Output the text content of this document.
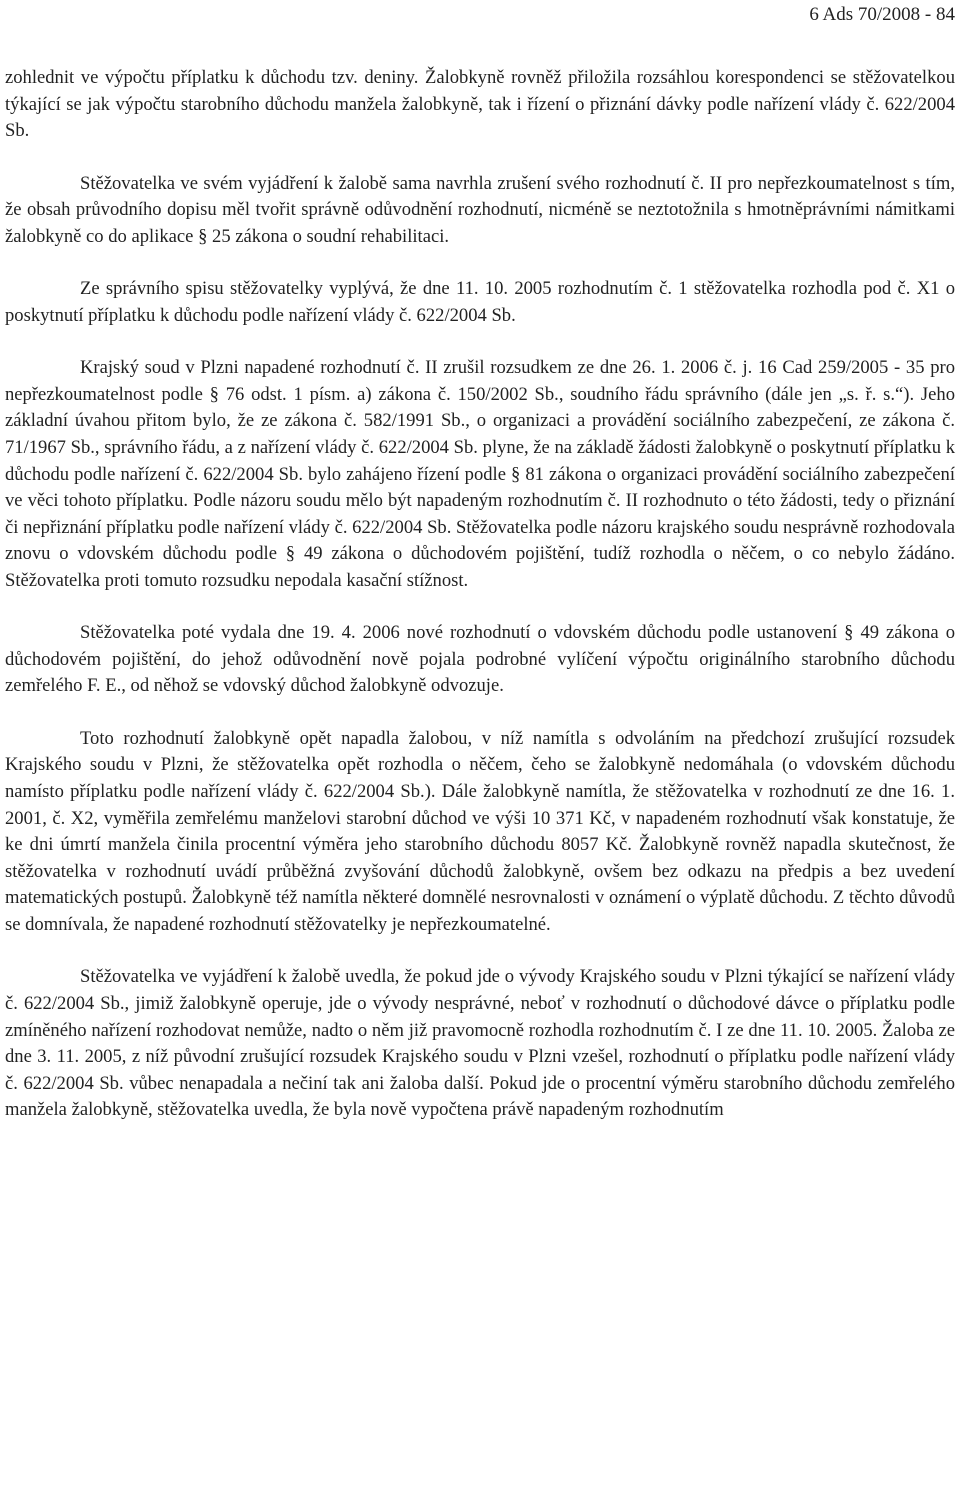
6 Ads 70/2008 - 84

zohlednit ve výpočtu příplatku k důchodu tzv. deniny. Žalobkyně rovněž přiložila rozsáhlou korespondenci se stěžovatelkou týkající se jak výpočtu starobního důchodu manžela žalobkyně, tak i řízení o přiznání dávky podle nařízení vlády č. 622/2004 Sb.

Stěžovatelka ve svém vyjádření k žalobě sama navrhla zrušení svého rozhodnutí č. II pro nepřezkoumatelnost s tím, že obsah průvodního dopisu měl tvořit správně odůvodnění rozhodnutí, nicméně se neztotožnila s hmotněprávními námitkami žalobkyně co do aplikace § 25 zákona o soudní rehabilitaci.

Ze správního spisu stěžovatelky vyplývá, že dne 11. 10. 2005 rozhodnutím č. 1 stěžovatelka rozhodla pod č. X1 o poskytnutí příplatku k důchodu podle nařízení vlády č. 622/2004 Sb.

Krajský soud v Plzni napadené rozhodnutí č. II zrušil rozsudkem ze dne 26. 1. 2006 č. j. 16 Cad 259/2005 - 35 pro nepřezkoumatelnost podle § 76 odst. 1 písm. a) zákona č. 150/2002 Sb., soudního řádu správního (dále jen „s. ř. s.“). Jeho základní úvahou přitom bylo, že ze zákona č. 582/1991 Sb., o organizaci a provádění sociálního zabezpečení, ze zákona č. 71/1967 Sb., správního řádu, a z nařízení vlády č. 622/2004 Sb. plyne, že na základě žádosti žalobkyně o poskytnutí příplatku k důchodu podle nařízení č. 622/2004 Sb. bylo zahájeno řízení podle § 81 zákona o organizaci provádění sociálního zabezpečení ve věci tohoto příplatku. Podle názoru soudu mělo být napadeným rozhodnutím č. II rozhodnuto o této žádosti, tedy o přiznání či nepřiznání příplatku podle nařízení vlády č. 622/2004 Sb. Stěžovatelka podle názoru krajského soudu nesprávně rozhodovala znovu o vdovském důchodu podle § 49 zákona o důchodovém pojištění, tudíž rozhodla o něčem, o co nebylo žádáno. Stěžovatelka proti tomuto rozsudku nepodala kasační stížnost.

Stěžovatelka poté vydala dne 19. 4. 2006 nové rozhodnutí o vdovském důchodu podle ustanovení § 49 zákona o důchodovém pojištění, do jehož odůvodnění nově pojala podrobné vylíčení výpočtu originálního starobního důchodu zemřelého F. E., od něhož se vdovský důchod žalobkyně odvozuje.

Toto rozhodnutí žalobkyně opět napadla žalobou, v níž namítla s odvoláním na předchozí zrušující rozsudek Krajského soudu v Plzni, že stěžovatelka opět rozhodla o něčem, čeho se žalobkyně nedomáhala (o vdovském důchodu namísto příplatku podle nařízení vlády č. 622/2004 Sb.). Dále žalobkyně namítla, že stěžovatelka v rozhodnutí ze dne 16. 1. 2001, č. X2, vyměřila zemřelému manželovi starobní důchod ve výši 10 371 Kč, v napadeném rozhodnutí však konstatuje, že ke dni úmrtí manžela činila procentní výměra jeho starobního důchodu 8057 Kč. Žalobkyně rovněž napadla skutečnost, že stěžovatelka v rozhodnutí uvádí průběžná zvyšování důchodů žalobkyně, ovšem bez odkazu na předpis a bez uvedení matematických postupů. Žalobkyně též namítla některé domnělé nesrovnalosti v oznámení o výplatě důchodu. Z těchto důvodů se domnívala, že napadené rozhodnutí stěžovatelky je nepřezkoumatelné.

Stěžovatelka ve vyjádření k žalobě uvedla, že pokud jde o vývody Krajského soudu v Plzni týkající se nařízení vlády č. 622/2004 Sb., jimiž žalobkyně operuje, jde o vývody nesprávné, neboť v rozhodnutí o důchodové dávce o příplatku podle zmíněného nařízení rozhodovat nemůže, nadto o něm již pravomocně rozhodla rozhodnutím č. I ze dne 11. 10. 2005. Žaloba ze dne 3. 11. 2005, z níž původní zrušující rozsudek Krajského soudu v Plzni vzešel, rozhodnutí o příplatku podle nařízení vlády č. 622/2004 Sb. vůbec nenapadala a nečiní tak ani žaloba další. Pokud jde o procentní výměru starobního důchodu zemřelého manžela žalobkyně, stěžovatelka uvedla, že byla nově vypočtena právě napadeným rozhodnutím
